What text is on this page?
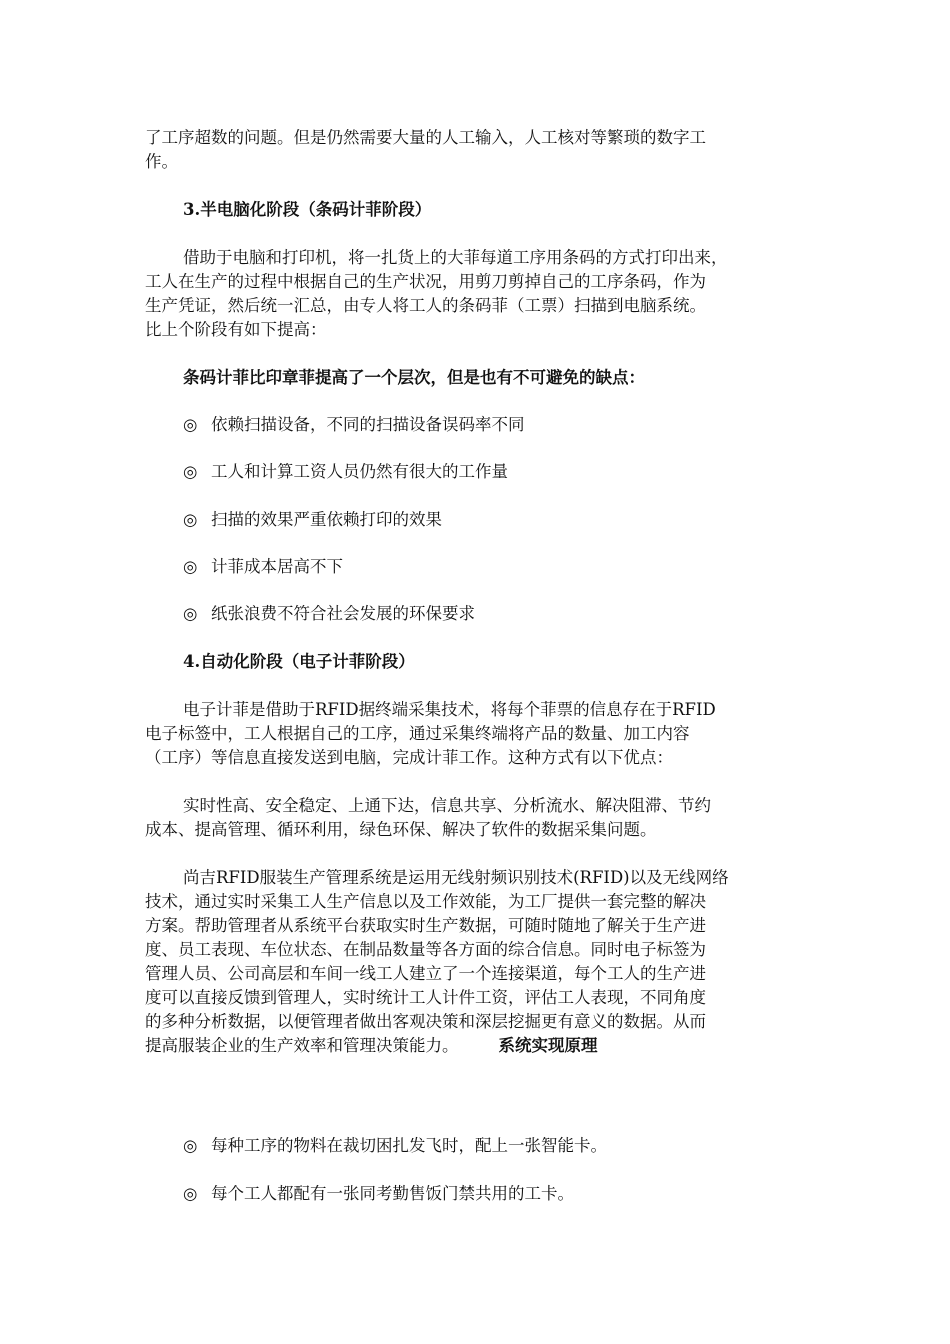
了工序超数的问题。但是仍然需要大量的人工输入，人工核对等繁琐的数字工
作。
3.半电脑化阶段（条码计菲阶段）
借助于电脑和打印机，将一扎货上的大菲每道工序用条码的方式打印出来，
工人在生产的过程中根据自己的生产状况，用剪刀剪掉自己的工序条码，作为
生产凭证，然后统一汇总，由专人将工人的条码菲（工票）扫描到电脑系统。
比上个阶段有如下提高：
条码计菲比印章菲提高了一个层次，但是也有不可避免的缺点：
◎ 依赖扫描设备，不同的扫描设备误码率不同
◎ 工人和计算工资人员仍然有很大的工作量
◎ 扫描的效果严重依赖打印的效果
◎ 计菲成本居高不下
◎ 纸张浪费不符合社会发展的环保要求
4.自动化阶段（电子计菲阶段）
电子计菲是借助于RFID据终端采集技术，将每个菲票的信息存在于RFID
电子标签中，工人根据自己的工序，通过采集终端将产品的数量、加工内容
（工序）等信息直接发送到电脑，完成计菲工作。这种方式有以下优点：
实时性高、安全稳定、上通下达，信息共享、分析流水、解决阻滞、节约
成本、提高管理、循环利用，绿色环保、解决了软件的数据采集问题。
尚吉RFID服装生产管理系统是运用无线射频识别技术(RFID)以及无线网络
技术，通过实时采集工人生产信息以及工作效能，为工厂提供一套完整的解决
方案。帮助管理者从系统平台获取实时生产数据，可随时随地了解关于生产进
度、员工表现、车位状态、在制品数量等各方面的综合信息。同时电子标签为
管理人员、公司高层和车间一线工人建立了一个连接渠道，每个工人的生产进
度可以直接反馈到管理人，实时统计工人计件工资，评估工人表现，不同角度
的多种分析数据，以便管理者做出客观决策和深层挖掘更有意义的数据。从而
提高服装企业的生产效率和管理决策能力。 系统实现原理
◎ 每种工序的物料在裁切困扎发飞时，配上一张智能卡。
◎ 每个工人都配有一张同考勤售饭门禁共用的工卡。
